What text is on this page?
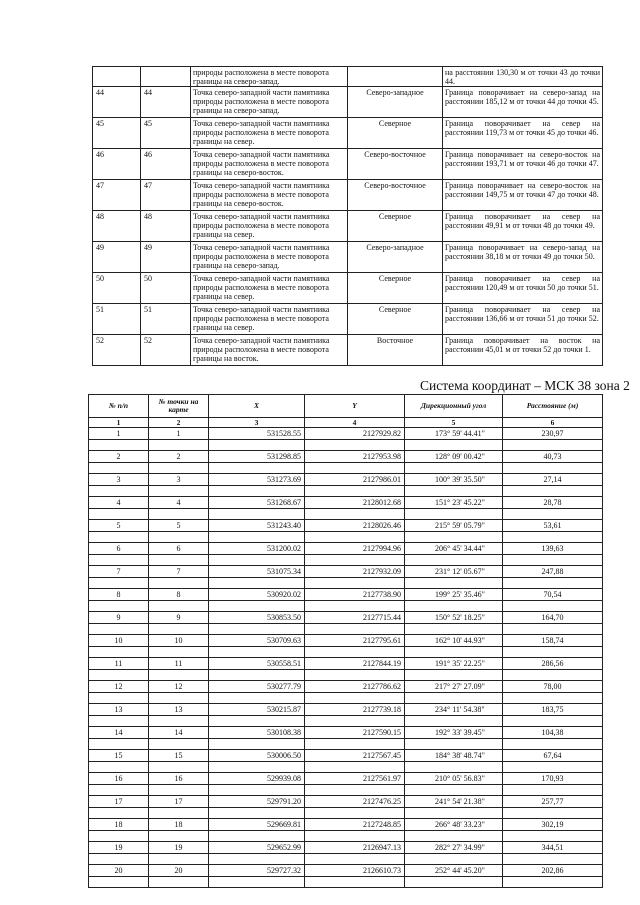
		природы расположена в месте поворота границы на северо-запад.		на расстоянии 130,30 м от точки 43 до точки 44.
44	44	Точка северо-западной части памятника природы расположена в месте поворота границы на северо-запад.	Северо-западное	Граница поворачивает на северо-запад на расстоянии 185,12 м от точки 44 до точки 45.
45	45	Точка северо-западной части памятника природы расположена в месте поворота границы на север.	Северное	Граница поворачивает на север на расстоянии 119,73 м от точки 45 до точки 46.
46	46	Точка северо-западной части памятника природы расположена в месте поворота границы на северо-восток.	Северо-восточное	Граница поворачивает на северо-восток на расстоянии 193,71 м от точки 46 до точки 47.
47	47	Точка северо-западной части памятника природы расположена в месте поворота границы на северо-восток.	Северо-восточное	Граница поворачивает на северо-восток на расстоянии 149,75 м от точки 47 до точки 48.
48	48	Точка северо-западной части памятника природы расположена в месте поворота границы на север.	Северное	Граница поворачивает на север на расстоянии 49,91 м от точки 48 до точки 49.
49	49	Точка северо-западной части памятника природы расположена в месте поворота границы на северо-запад.	Северо-западное	Граница поворачивает на северо-запад на расстоянии 38,18 м от точки 49 до точки 50.
50	50	Точка северо-западной части памятника природы расположена в месте поворота границы на север.	Северное	Граница поворачивает на север на расстоянии 120,49 м от точки 50 до точки 51.
51	51	Точка северо-западной части памятника природы расположена в месте поворота границы на север.	Северное	Граница поворачивает на север на расстоянии 136,66 м от точки 51 до точки 52.
52	52	Точка северо-западной части памятника природы расположена в месте поворота границы на восток.	Восточное	Граница поворачивает на восток на расстоянии 45,01 м от точки 52 до точки 1.
Система координат – МСК 38 зона 2
№ п/п	№ точки на карте	X	Y	Дирекционный угол	Расстояние (м)
1	2	3	4	5	6
1	1	531528.55	2127929.82	173° 59' 44.41"	230,97

2	2	531298.85	2127953.98	128° 09' 00.42"	40,73

3	3	531273.69	2127986.01	100° 39' 35.50"	27,14

4	4	531268.67	2128012.68	151° 23' 45.22"	28,78

5	5	531243.40	2128026.46	215° 59' 05.79"	53,61

6	6	531200.02	2127994.96	206° 45' 34.44"	139,63

7	7	531075.34	2127932.09	231° 12' 05.67"	247,88

8	8	530920.02	2127738.90	199° 25' 35.46"	70,54

9	9	530853.50	2127715.44	150° 52' 18.25"	164,70

10	10	530709.63	2127795.61	162° 10' 44.93"	158,74

11	11	530558.51	2127844.19	191° 35' 22.25"	286,56

12	12	530277.79	2127786.62	217° 27' 27.09"	78,00

13	13	530215.87	2127739.18	234° 11' 54.38"	183,75

14	14	530108.38	2127590.15	192° 33' 39.45"	104,38

15	15	530006.50	2127567.45	184° 38' 48.74"	67,64

16	16	529939.08	2127561.97	210° 05' 56.83"	170,93

17	17	529791.20	2127476.25	241° 54' 21.38"	257,77

18	18	529669.81	2127248.85	266° 48' 33.23"	302,19

19	19	529652.99	2126947.13	282° 27' 34.99"	344,51

20	20	529727.32	2126610.73	252° 44' 45.20"	202,86
